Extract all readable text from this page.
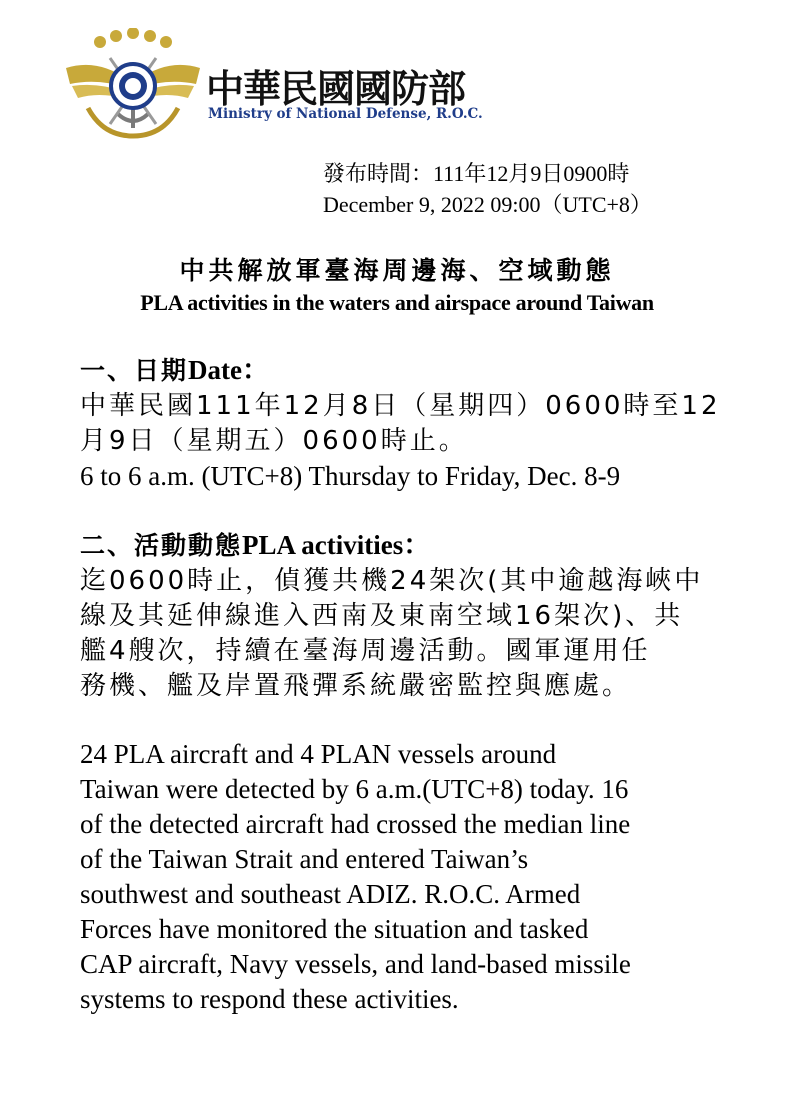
中華民國國防部
Ministry of National Defense, R.O.C.
發布時間：111年12月9日0900時
December 9, 2022 09:00（UTC+8）
中共解放軍臺海周邊海、空域動態
PLA activities in the waters and airspace around Taiwan
一、日期Date：
中華民國111年12月8日（星期四）0600時至12
月9日（星期五）0600時止。
6 to 6 a.m. (UTC+8) Thursday to Friday, Dec. 8-9
二、活動動態PLA activities：
迄0600時止，偵獲共機24架次(其中逾越海峽中
線及其延伸線進入西南及東南空域16架次)、共
艦4艘次，持續在臺海周邊活動。國軍運用任
務機、艦及岸置飛彈系統嚴密監控與應處。
24 PLA aircraft and 4 PLAN vessels around
Taiwan were detected by 6 a.m.(UTC+8) today. 16
of the detected aircraft had crossed the median line
of the Taiwan Strait and entered Taiwan’s
southwest and southeast ADIZ. R.O.C. Armed
Forces have monitored the situation and tasked
CAP aircraft, Navy vessels, and land-based missile
systems to respond these activities.
